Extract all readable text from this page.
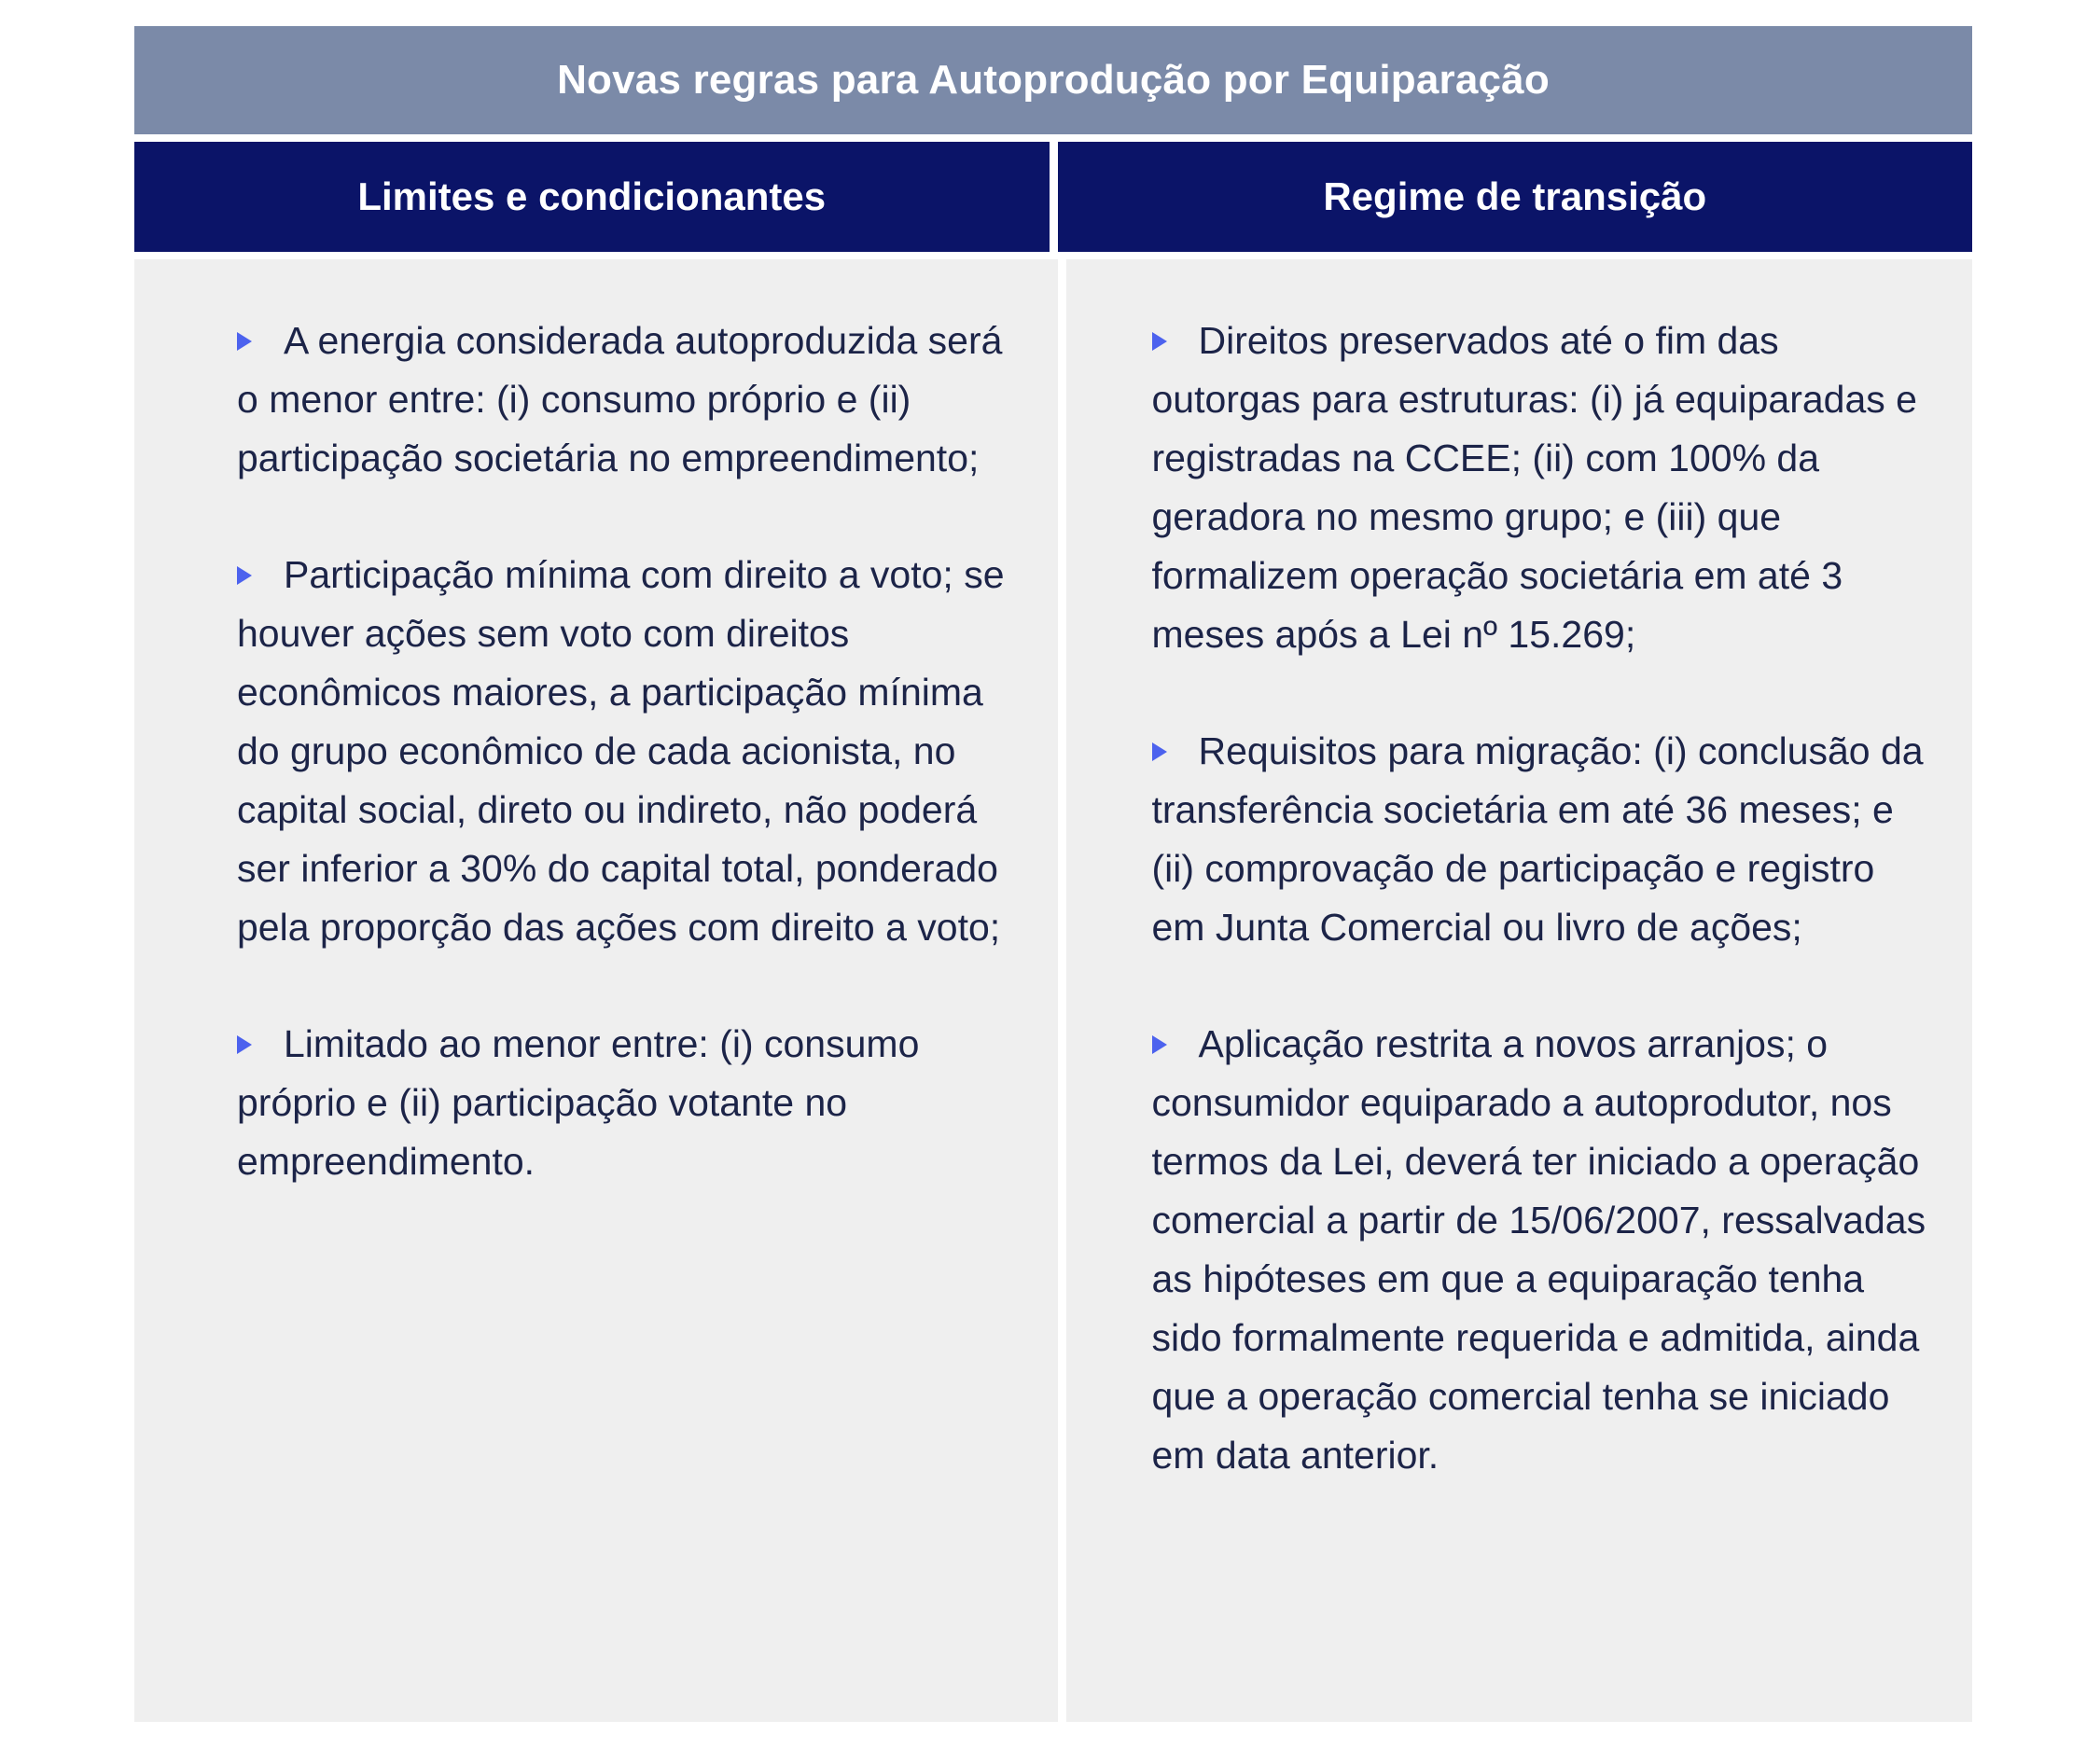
Novas regras para Autoprodução por Equiparação
Limites e condicionantes	Regime de transição

A energia considerada autoproduzida será o menor entre: (i) consumo próprio e (ii) participação societária no empreendimento;

Participação mínima com direito a voto; se houver ações sem voto com direitos econômicos maiores, a participação mínima do grupo econômico de cada acionista, no capital social, direto ou indireto, não poderá ser inferior a 30% do capital total, ponderado pela proporção das ações com direito a voto;

Limitado ao menor entre: (i) consumo próprio e (ii) participação votante no empreendimento.

Direitos preservados até o fim das outorgas para estruturas: (i) já equiparadas e registradas na CCEE; (ii) com 100% da geradora no mesmo grupo; e (iii) que formalizem operação societária em até 3 meses após a Lei nº 15.269;

Requisitos para migração: (i) conclusão da transferência societária em até 36 meses; e (ii) comprovação de participação e registro em Junta Comercial ou livro de ações;

Aplicação restrita a novos arranjos; o consumidor equiparado a autoprodutor, nos termos da Lei, deverá ter iniciado a operação comercial a partir de 15/06/2007, ressalvadas as hipóteses em que a equiparação tenha sido formalmente requerida e admitida, ainda que a operação comercial tenha se iniciado em data anterior.
